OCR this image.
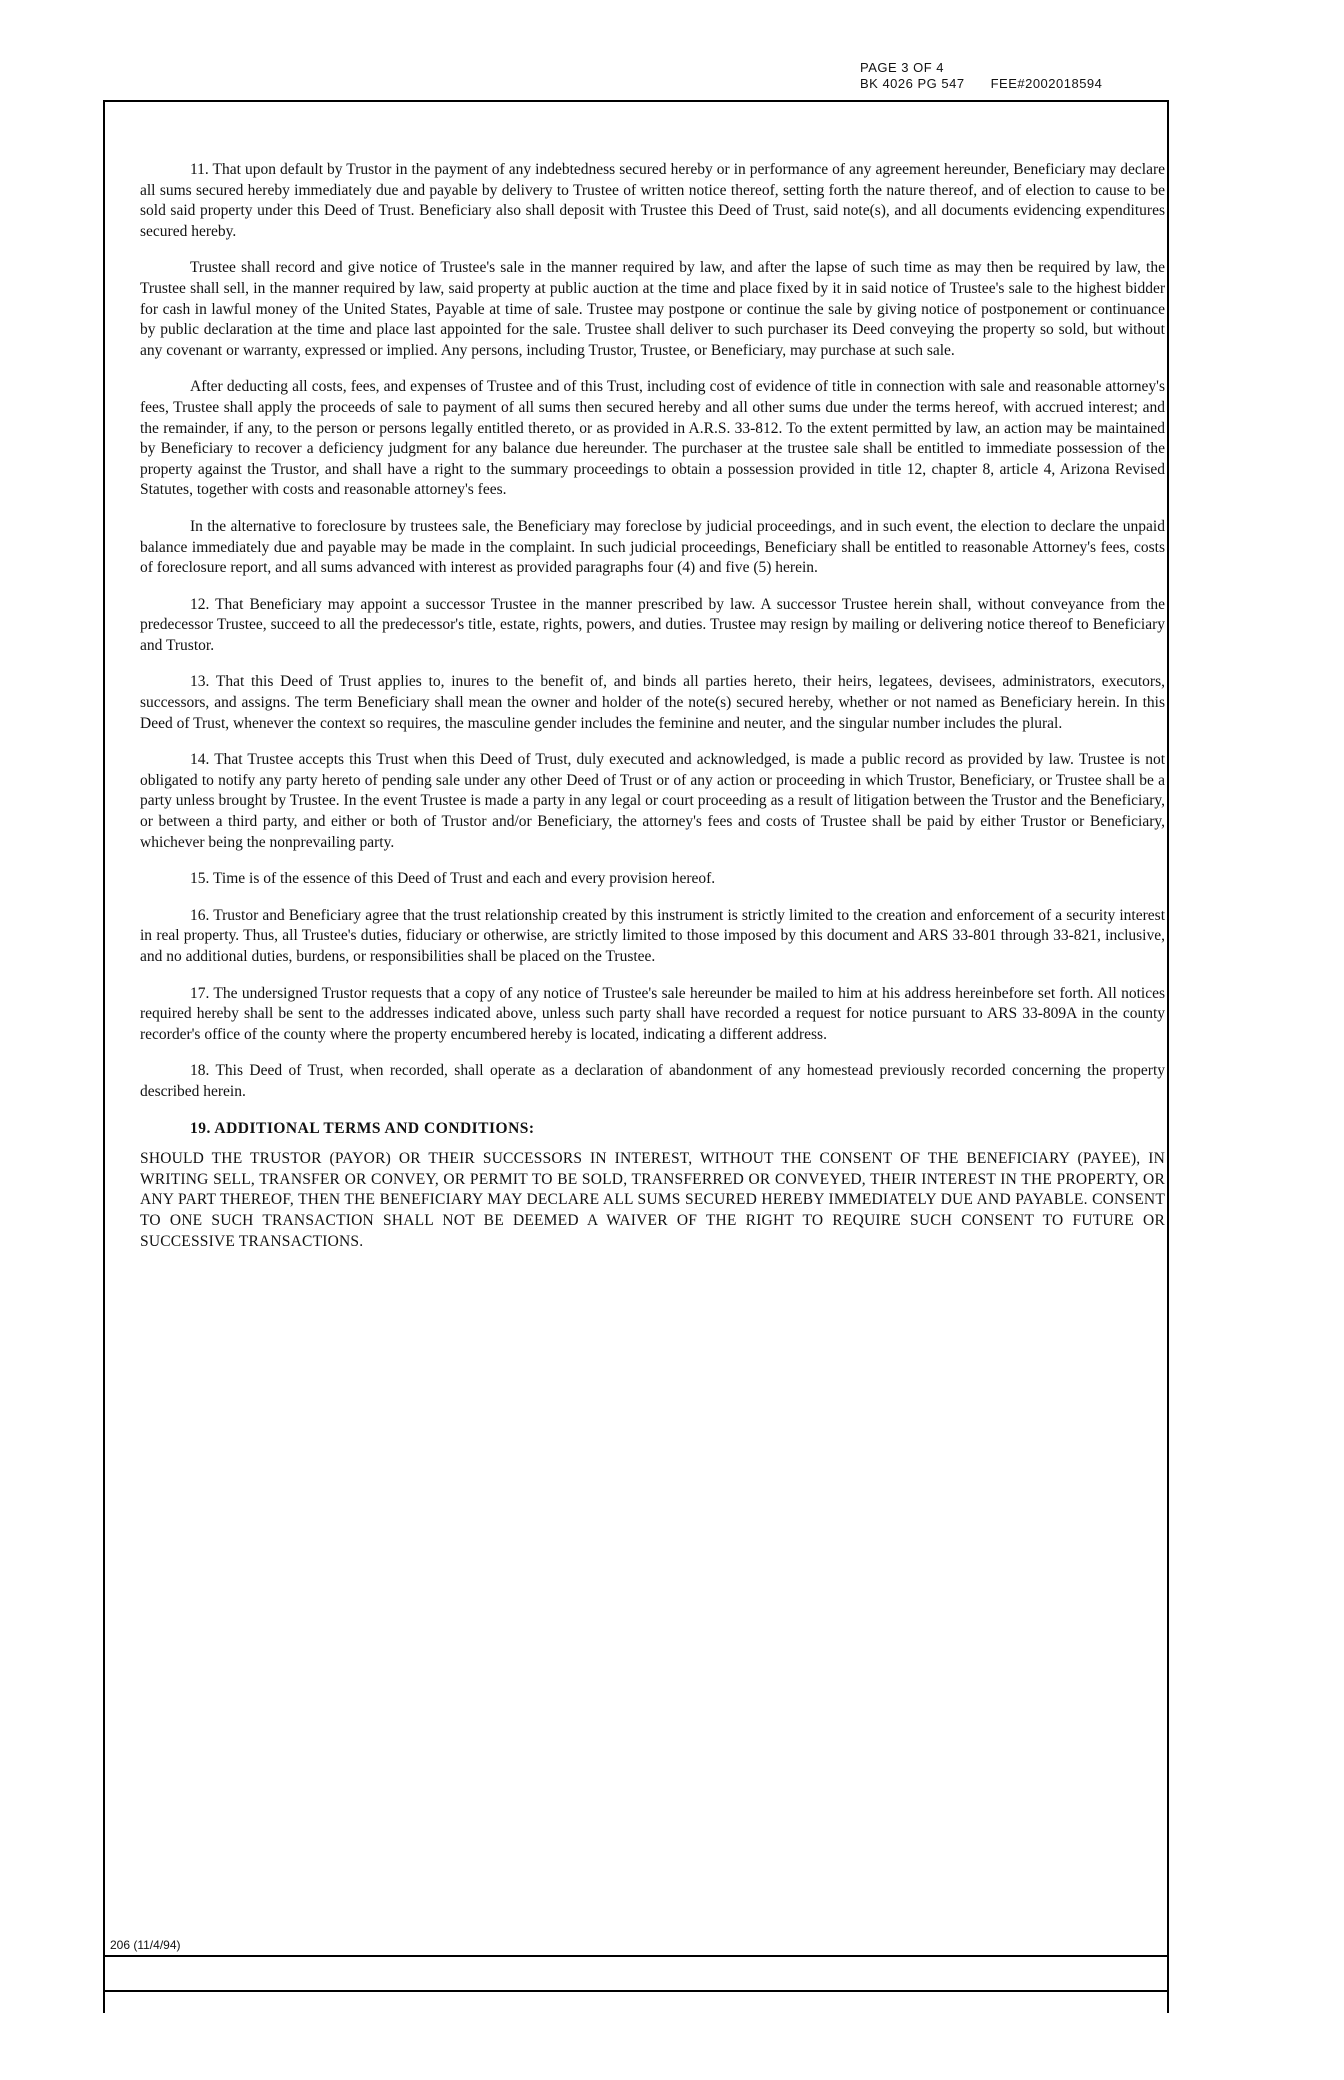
PAGE 3 OF 4
BK 4026 PG 547 FEE#2002018594

11. That upon default by Trustor in the payment of any indebtedness secured hereby or in performance of any agreement hereunder, Beneficiary may declare all sums secured hereby immediately due and payable by delivery to Trustee of written notice thereof, setting forth the nature thereof, and of election to cause to be sold said property under this Deed of Trust. Beneficiary also shall deposit with Trustee this Deed of Trust, said note(s), and all documents evidencing expenditures secured hereby.

Trustee shall record and give notice of Trustee's sale in the manner required by law, and after the lapse of such time as may then be required by law, the Trustee shall sell, in the manner required by law, said property at public auction at the time and place fixed by it in said notice of Trustee's sale to the highest bidder for cash in lawful money of the United States, Payable at time of sale. Trustee may postpone or continue the sale by giving notice of postponement or continuance by public declaration at the time and place last appointed for the sale. Trustee shall deliver to such purchaser its Deed conveying the property so sold, but without any covenant or warranty, expressed or implied. Any persons, including Trustor, Trustee, or Beneficiary, may purchase at such sale.

After deducting all costs, fees, and expenses of Trustee and of this Trust, including cost of evidence of title in connection with sale and reasonable attorney's fees, Trustee shall apply the proceeds of sale to payment of all sums then secured hereby and all other sums due under the terms hereof, with accrued interest; and the remainder, if any, to the person or persons legally entitled thereto, or as provided in A.R.S. 33-812. To the extent permitted by law, an action may be maintained by Beneficiary to recover a deficiency judgment for any balance due hereunder. The purchaser at the trustee sale shall be entitled to immediate possession of the property against the Trustor, and shall have a right to the summary proceedings to obtain a possession provided in title 12, chapter 8, article 4, Arizona Revised Statutes, together with costs and reasonable attorney's fees.

In the alternative to foreclosure by trustees sale, the Beneficiary may foreclose by judicial proceedings, and in such event, the election to declare the unpaid balance immediately due and payable may be made in the complaint. In such judicial proceedings, Beneficiary shall be entitled to reasonable Attorney's fees, costs of foreclosure report, and all sums advanced with interest as provided paragraphs four (4) and five (5) herein.

12. That Beneficiary may appoint a successor Trustee in the manner prescribed by law. A successor Trustee herein shall, without conveyance from the predecessor Trustee, succeed to all the predecessor's title, estate, rights, powers, and duties. Trustee may resign by mailing or delivering notice thereof to Beneficiary and Trustor.

13. That this Deed of Trust applies to, inures to the benefit of, and binds all parties hereto, their heirs, legatees, devisees, administrators, executors, successors, and assigns. The term Beneficiary shall mean the owner and holder of the note(s) secured hereby, whether or not named as Beneficiary herein. In this Deed of Trust, whenever the context so requires, the masculine gender includes the feminine and neuter, and the singular number includes the plural.

14. That Trustee accepts this Trust when this Deed of Trust, duly executed and acknowledged, is made a public record as provided by law. Trustee is not obligated to notify any party hereto of pending sale under any other Deed of Trust or of any action or proceeding in which Trustor, Beneficiary, or Trustee shall be a party unless brought by Trustee. In the event Trustee is made a party in any legal or court proceeding as a result of litigation between the Trustor and the Beneficiary, or between a third party, and either or both of Trustor and/or Beneficiary, the attorney's fees and costs of Trustee shall be paid by either Trustor or Beneficiary, whichever being the nonprevailing party.

15. Time is of the essence of this Deed of Trust and each and every provision hereof.

16. Trustor and Beneficiary agree that the trust relationship created by this instrument is strictly limited to the creation and enforcement of a security interest in real property. Thus, all Trustee's duties, fiduciary or otherwise, are strictly limited to those imposed by this document and ARS 33-801 through 33-821, inclusive, and no additional duties, burdens, or responsibilities shall be placed on the Trustee.

17. The undersigned Trustor requests that a copy of any notice of Trustee's sale hereunder be mailed to him at his address hereinbefore set forth. All notices required hereby shall be sent to the addresses indicated above, unless such party shall have recorded a request for notice pursuant to ARS 33-809A in the county recorder's office of the county where the property encumbered hereby is located, indicating a different address.

18. This Deed of Trust, when recorded, shall operate as a declaration of abandonment of any homestead previously recorded concerning the property described herein.

19. ADDITIONAL TERMS AND CONDITIONS:

SHOULD THE TRUSTOR (PAYOR) OR THEIR SUCCESSORS IN INTEREST, WITHOUT THE CONSENT OF THE BENEFICIARY (PAYEE), IN WRITING SELL, TRANSFER OR CONVEY, OR PERMIT TO BE SOLD, TRANSFERRED OR CONVEYED, THEIR INTEREST IN THE PROPERTY, OR ANY PART THEREOF, THEN THE BENEFICIARY MAY DECLARE ALL SUMS SECURED HEREBY IMMEDIATELY DUE AND PAYABLE. CONSENT TO ONE SUCH TRANSACTION SHALL NOT BE DEEMED A WAIVER OF THE RIGHT TO REQUIRE SUCH CONSENT TO FUTURE OR SUCCESSIVE TRANSACTIONS.

206 (11/4/94)
